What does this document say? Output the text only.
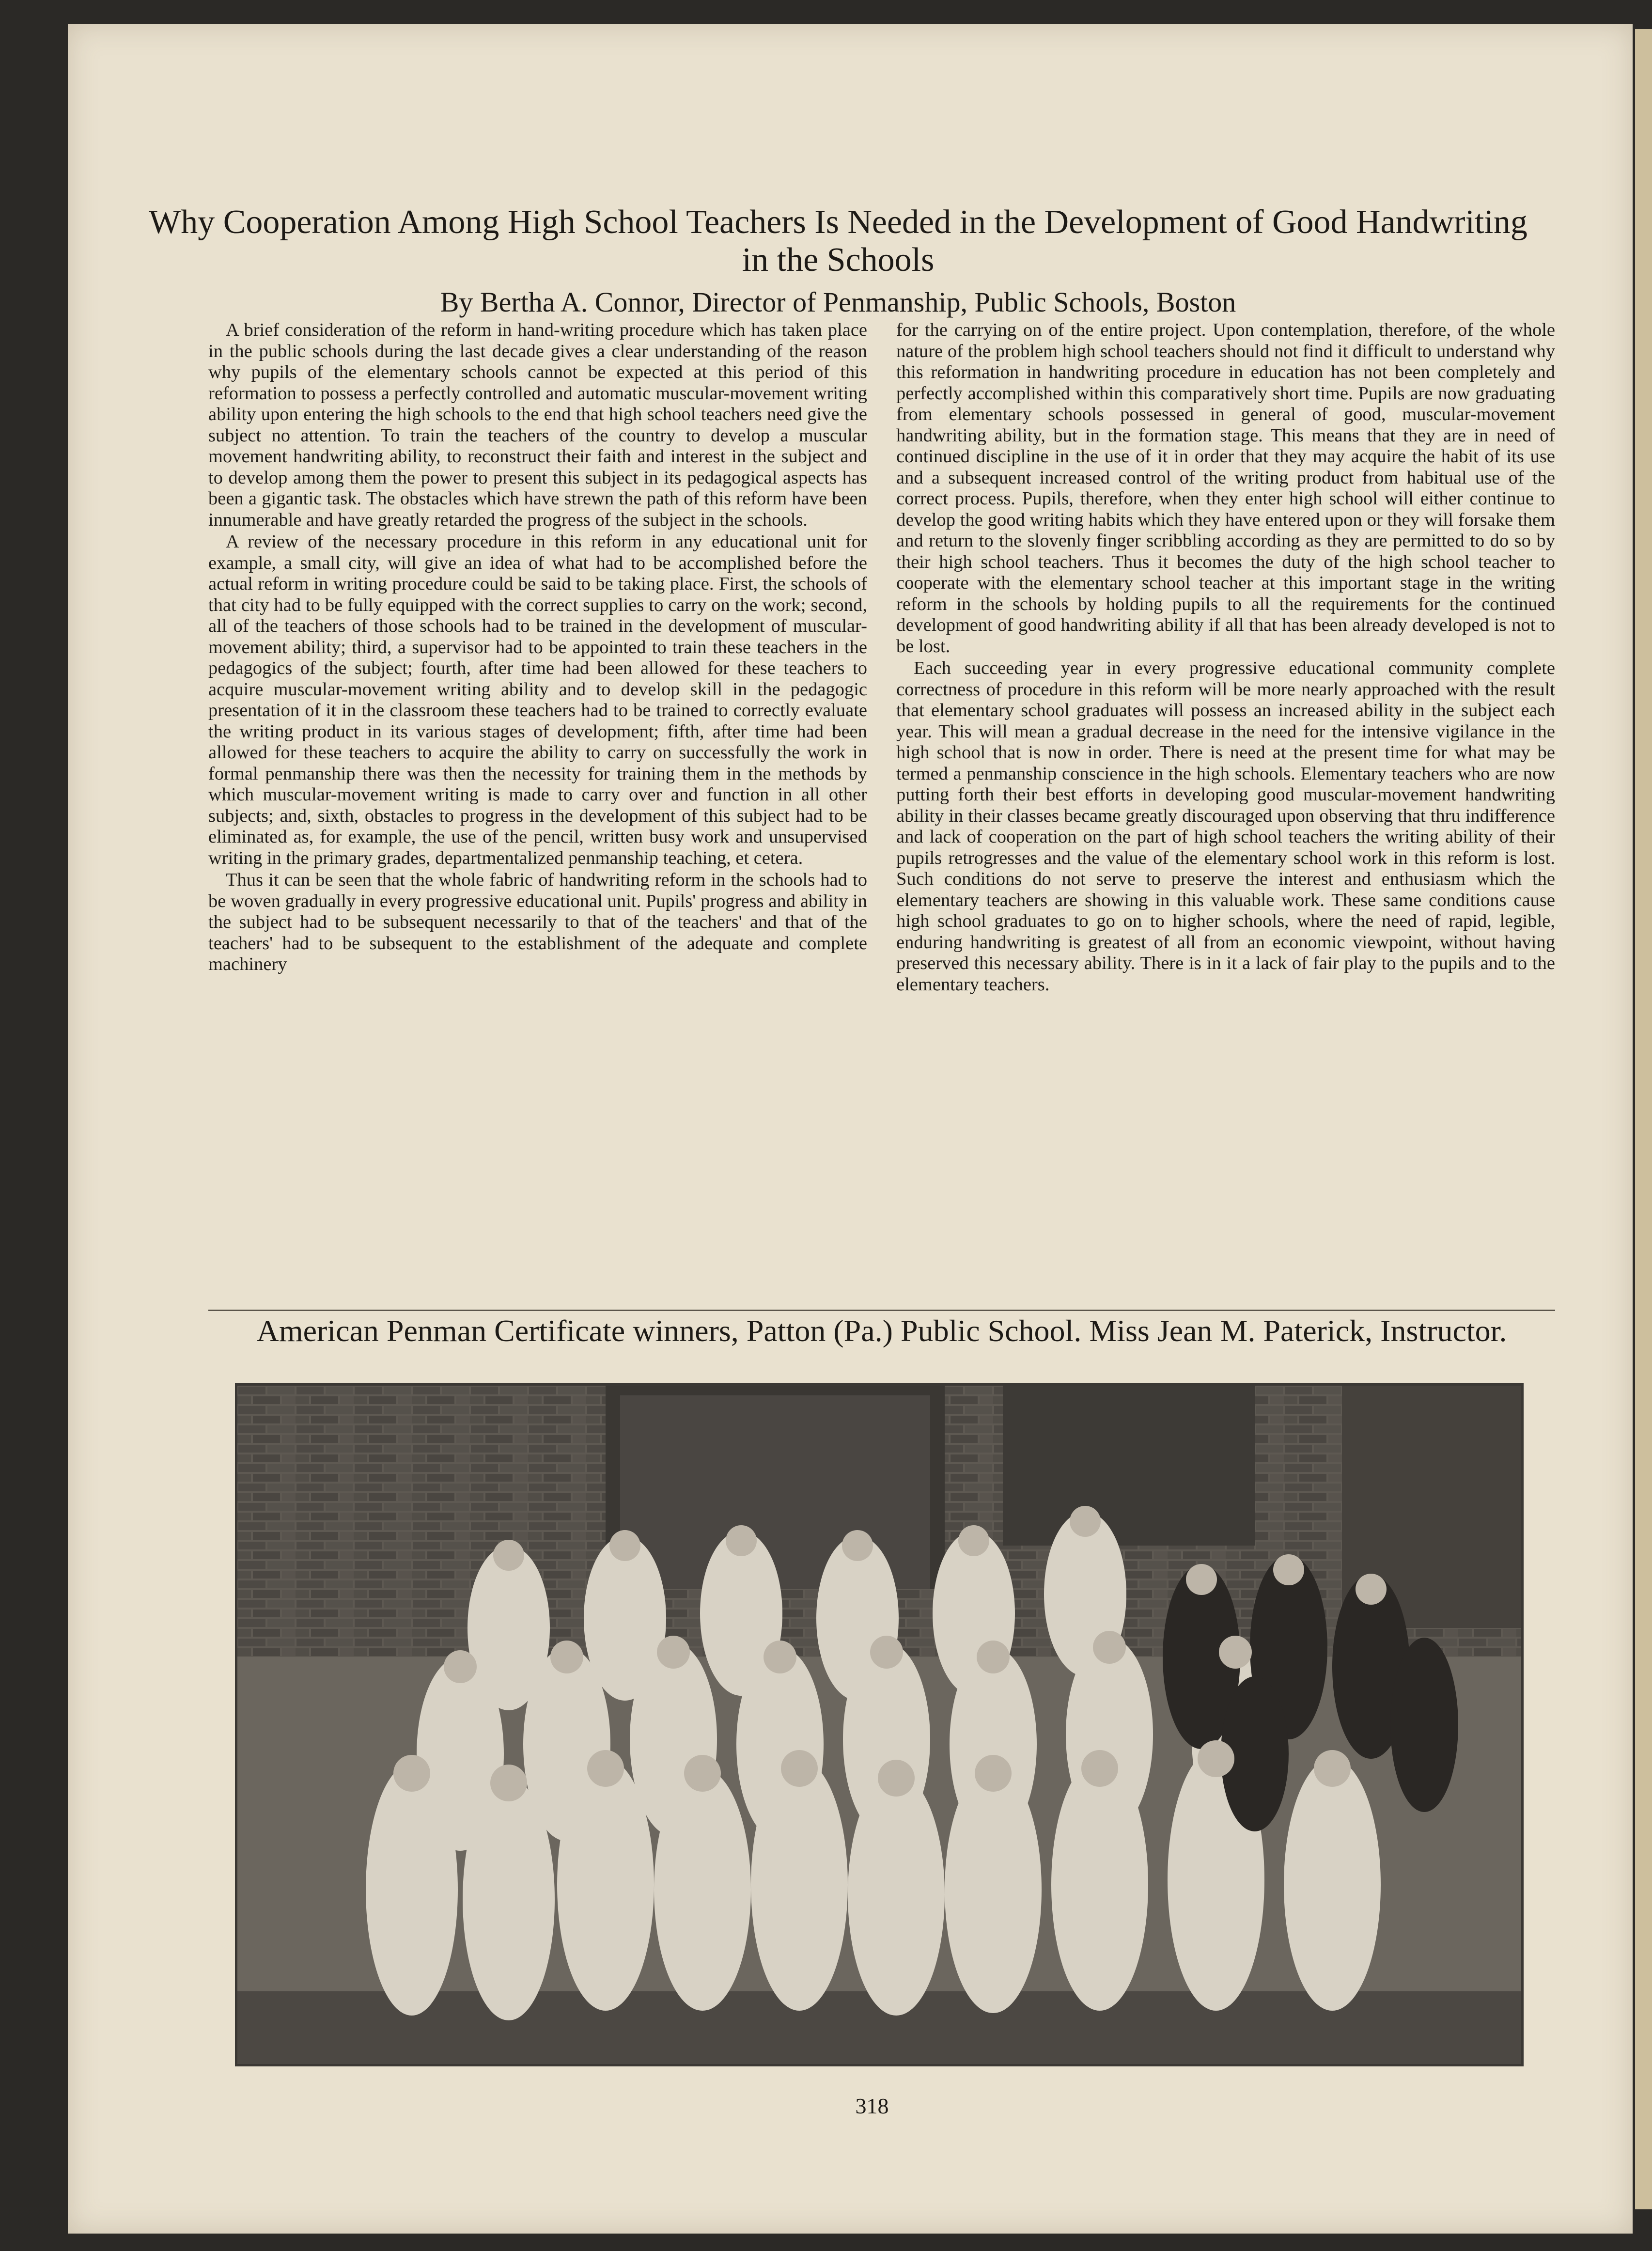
Why Cooperation Among High School Teachers Is Needed in the Development of Good Handwriting in the Schools
By Bertha A. Connor, Director of Penmanship, Public Schools, Boston

A brief consideration of the reform in hand-writing procedure which has taken place in the public schools during the last decade gives a clear understanding of the reason why pupils of the elementary schools cannot be expected at this period of this reformation to possess a perfectly controlled and automatic muscular-movement writing ability upon entering the high schools to the end that high school teachers need give the subject no attention. To train the teachers of the country to develop a muscular movement handwriting ability, to reconstruct their faith and interest in the subject and to develop among them the power to present this subject in its pedagogical aspects has been a gigantic task. The obstacles which have strewn the path of this reform have been innumerable and have greatly retarded the progress of the subject in the schools.

A review of the necessary procedure in this reform in any educational unit for example, a small city, will give an idea of what had to be accomplished before the actual reform in writing procedure could be said to be taking place. First, the schools of that city had to be fully equipped with the correct supplies to carry on the work; second, all of the teachers of those schools had to be trained in the development of muscular-movement ability; third, a supervisor had to be appointed to train these teachers in the pedagogics of the subject; fourth, after time had been allowed for these teachers to acquire muscular-movement writing ability and to develop skill in the pedagogic presentation of it in the classroom these teachers had to be trained to correctly evaluate the writing product in its various stages of development; fifth, after time had been allowed for these teachers to acquire the ability to carry on successfully the work in formal penmanship there was then the necessity for training them in the methods by which muscular-movement writing is made to carry over and function in all other subjects; and, sixth, obstacles to progress in the development of this subject had to be eliminated as, for example, the use of the pencil, written busy work and unsupervised writing in the primary grades, departmentalized penmanship teaching, et cetera.

Thus it can be seen that the whole fabric of handwriting reform in the schools had to be woven gradually in every progressive educational unit. Pupils' progress and ability in the subject had to be subsequent necessarily to that of the teachers' and that of the teachers' had to be subsequent to the establishment of the adequate and complete machinery

for the carrying on of the entire project. Upon contemplation, therefore, of the whole nature of the problem high school teachers should not find it difficult to understand why this reformation in handwriting procedure in education has not been completely and perfectly accomplished within this comparatively short time. Pupils are now graduating from elementary schools possessed in general of good, muscular-movement handwriting ability, but in the formation stage. This means that they are in need of continued discipline in the use of it in order that they may acquire the habit of its use and a subsequent increased control of the writing product from habitual use of the correct process. Pupils, therefore, when they enter high school will either continue to develop the good writing habits which they have entered upon or they will forsake them and return to the slovenly finger scribbling according as they are permitted to do so by their high school teachers. Thus it becomes the duty of the high school teacher to cooperate with the elementary school teacher at this important stage in the writing reform in the schools by holding pupils to all the requirements for the continued development of good handwriting ability if all that has been already developed is not to be lost.

Each succeeding year in every progressive educational community complete correctness of procedure in this reform will be more nearly approached with the result that elementary school graduates will possess an increased ability in the subject each year. This will mean a gradual decrease in the need for the intensive vigilance in the high school that is now in order. There is need at the present time for what may be termed a penmanship conscience in the high schools. Elementary teachers who are now putting forth their best efforts in developing good muscular-movement handwriting ability in their classes became greatly discouraged upon observing that thru indifference and lack of cooperation on the part of high school teachers the writing ability of their pupils retrogresses and the value of the elementary school work in this reform is lost. Such conditions do not serve to preserve the interest and enthusiasm which the elementary teachers are showing in this valuable work. These same conditions cause high school graduates to go on to higher schools, where the need of rapid, legible, enduring handwriting is greatest of all from an economic viewpoint, without having preserved this necessary ability. There is in it a lack of fair play to the pupils and to the elementary teachers.

American Penman Certificate winners, Patton (Pa.) Public School. Miss Jean M. Paterick, Instructor.
318
